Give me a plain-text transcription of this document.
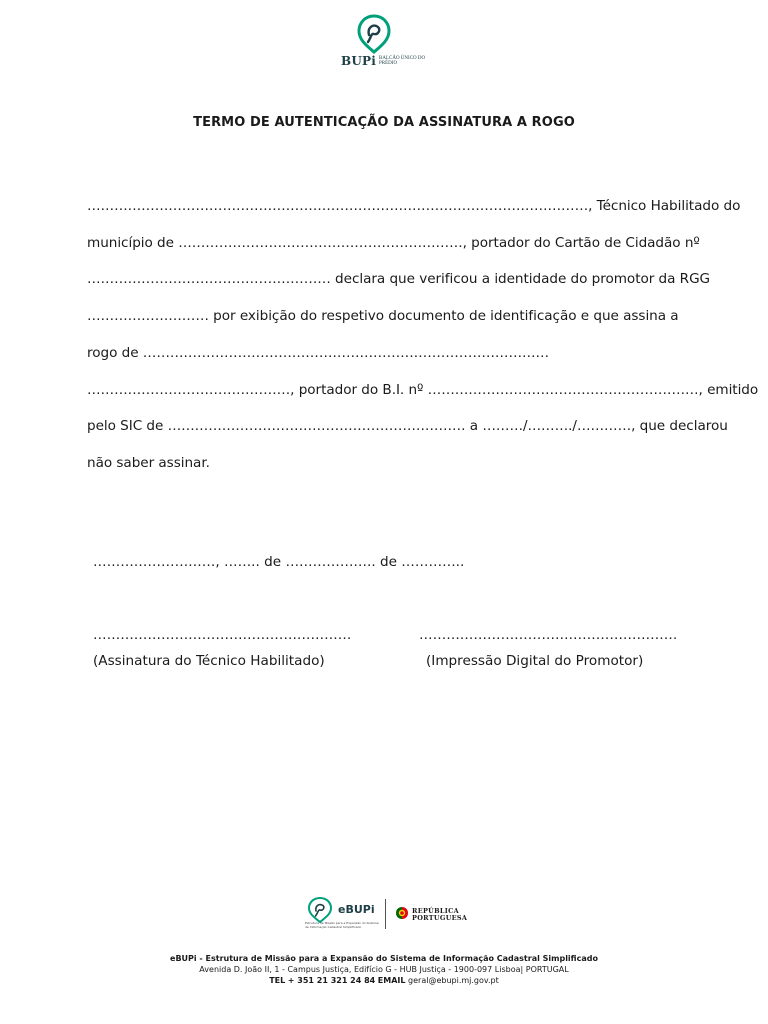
BUPi BALCÃO ÚNICO DO PRÉDIO
TERMO DE AUTENTICAÇÃO DA ASSINATURA A ROGO
…………………………………………………………………………………………………, Técnico Habilitado do
município de ………………………………………………………, portador do Cartão de Cidadão nº
……………………………………………… declara que verificou a identidade do promotor da RGG
……………………… por exibição do respetivo documento de identificação e que assina a
rogo de ………………………………………………………………………………
………………………………………, portador do B.I. nº ……………………………………………………, emitido
pelo SIC de ………………………………………………………… a ………/………./…………, que declarou
não saber assinar.
………………………, …….. de ……………….. de …………..
…………………………………………………
(Assinatura do Técnico Habilitado)
…………………………………………………
(Impressão Digital do Promotor)
eBUPi
Estrutura de Missão para a Expansão do Sistema de Informação Cadastral Simplificado
REPÚBLICA
PORTUGUESA
eBUPi - Estrutura de Missão para a Expansão do Sistema de Informação Cadastral Simplificado
Avenida D. João II, 1 - Campus Justiça, Edifício G - HUB Justiça - 1900-097 Lisboa| PORTUGAL
TEL + 351 21 321 24 84 EMAIL geral@ebupi.mj.gov.pt
